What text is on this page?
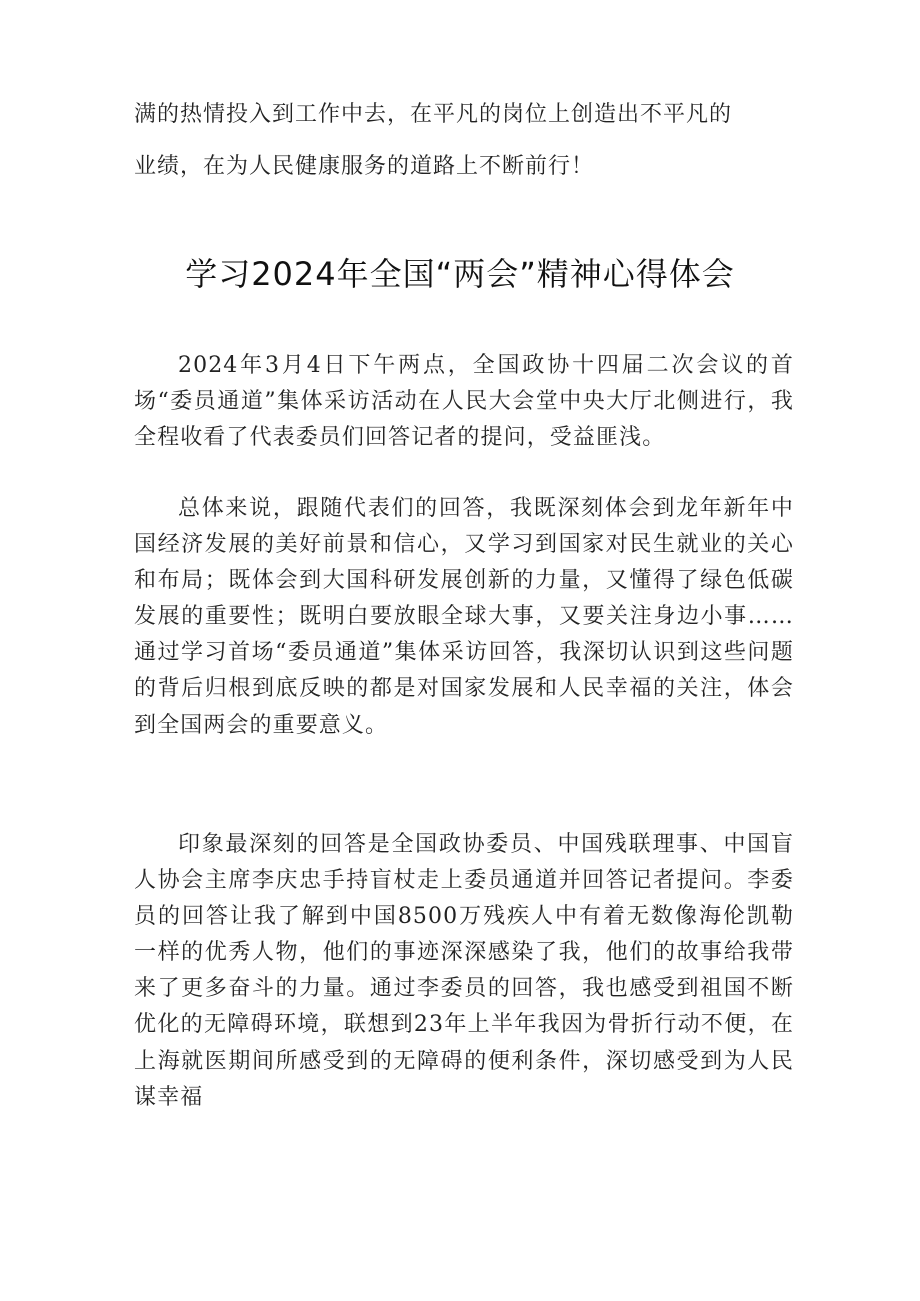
满的热情投入到工作中去，在平凡的岗位上创造出不平凡的
业绩，在为人民健康服务的道路上不断前行！
学习2024年全国“两会”精神心得体会

2024年3月4日下午两点，全国政协十四届二次会议的首场“委员通道”集体采访活动在人民大会堂中央大厅北侧进行，我全程收看了代表委员们回答记者的提问，受益匪浅。

总体来说，跟随代表们的回答，我既深刻体会到龙年新年中国经济发展的美好前景和信心，又学习到国家对民生就业的关心和布局；既体会到大国科研发展创新的力量，又懂得了绿色低碳发展的重要性；既明白要放眼全球大事，又要关注身边小事……通过学习首场“委员通道”集体采访回答，我深切认识到这些问题的背后归根到底反映的都是对国家发展和人民幸福的关注，体会到全国两会的重要意义。

印象最深刻的回答是全国政协委员、中国残联理事、中国盲人协会主席李庆忠手持盲杖走上委员通道并回答记者提问。李委员的回答让我了解到中国8500万残疾人中有着无数像海伦凯勒一样的优秀人物，他们的事迹深深感染了我，他们的故事给我带来了更多奋斗的力量。通过李委员的回答，我也感受到祖国不断优化的无障碍环境，联想到23年上半年我因为骨折行动不便，在上海就医期间所感受到的无障碍的便利条件，深切感受到为人民谋幸福
